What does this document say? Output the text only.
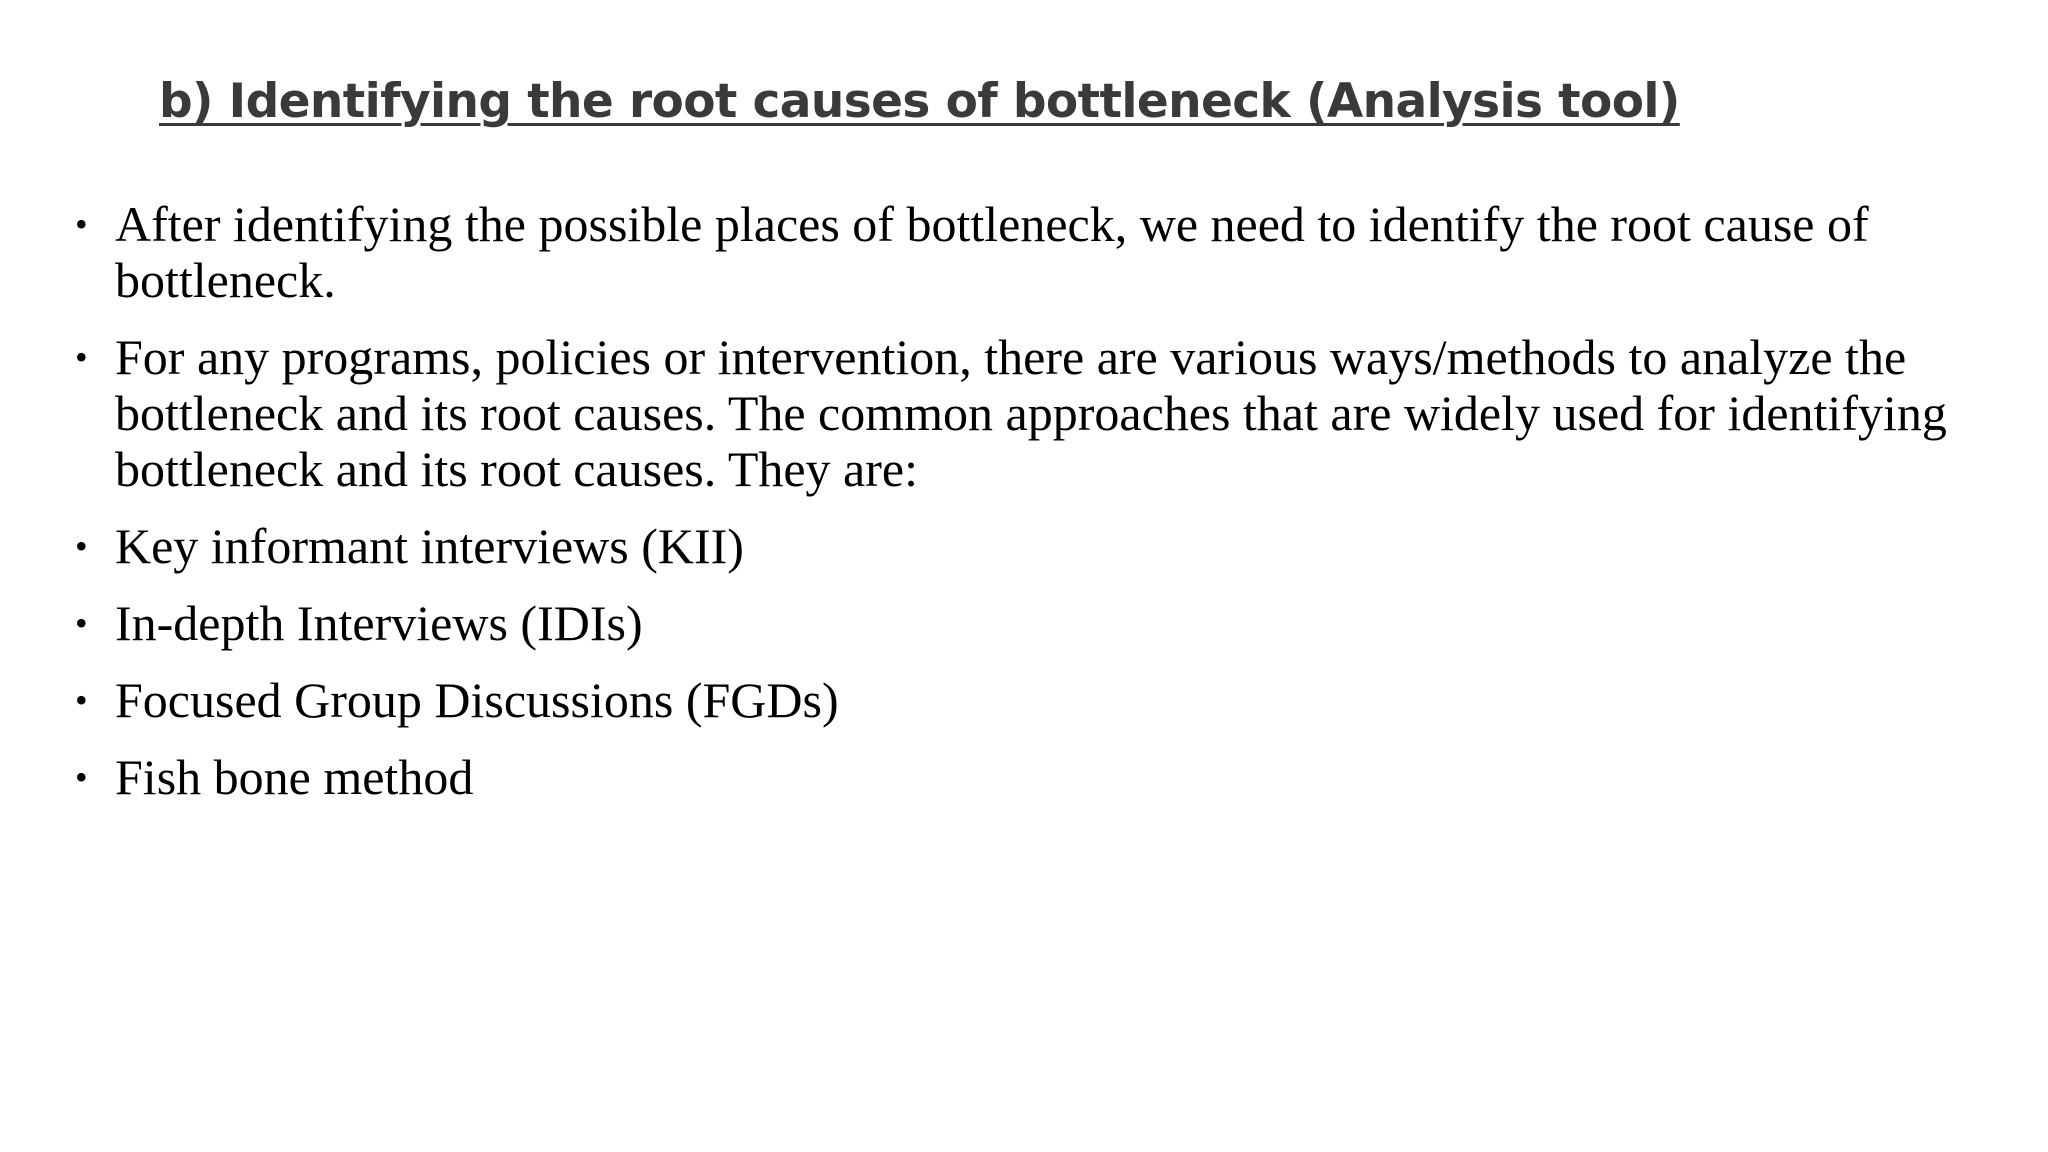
b) Identifying the root causes of bottleneck (Analysis tool)
• After identifying the possible places of bottleneck, we need to identify the root cause of bottleneck.
• For any programs, policies or intervention, there are various ways/methods to analyze the bottleneck and its root causes. The common approaches that are widely used for identifying bottleneck and its root causes. They are:
• Key informant interviews (KII)
• In-depth Interviews (IDIs)
• Focused Group Discussions (FGDs)
• Fish bone method
